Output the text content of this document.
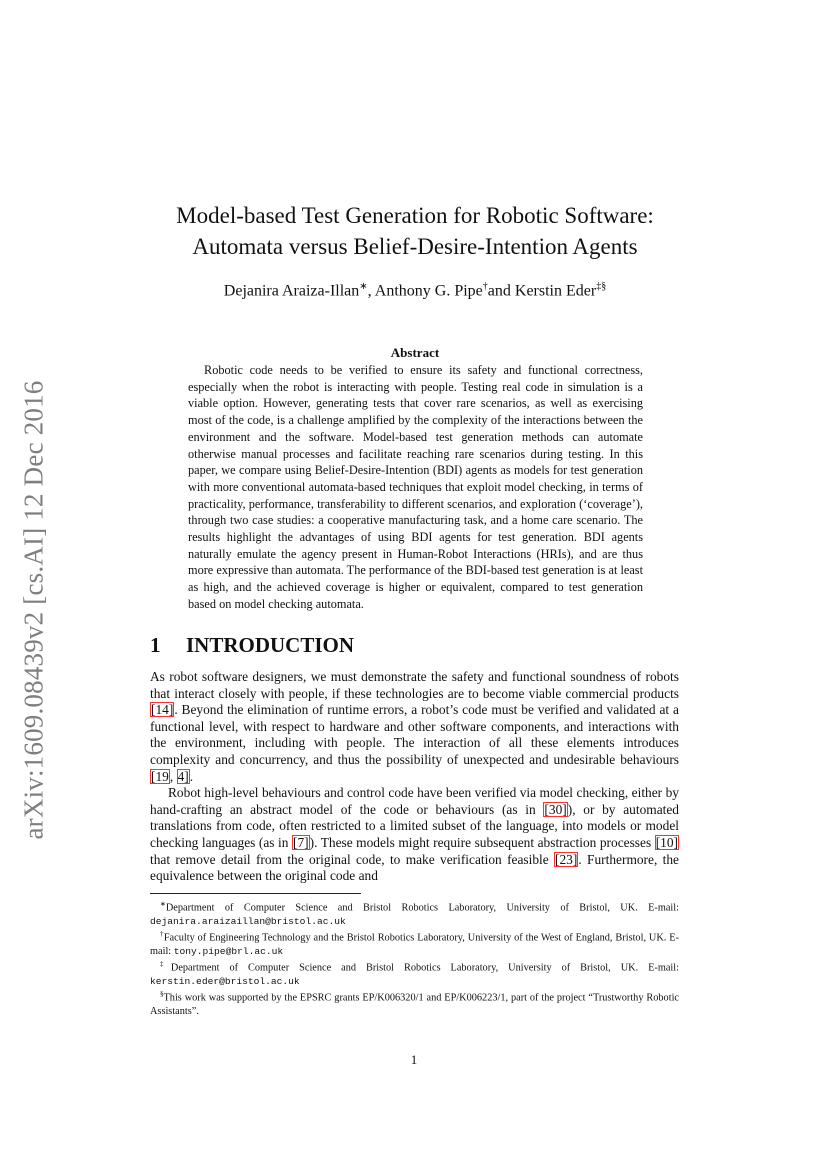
arXiv:1609.08439v2 [cs.AI] 12 Dec 2016
Model-based Test Generation for Robotic Software:
Automata versus Belief-Desire-Intention Agents
Dejanira Araiza-Illan∗, Anthony G. Pipe†and Kerstin Eder‡§
Abstract

Robotic code needs to be verified to ensure its safety and functional correctness, especially when the robot is interacting with people. Testing real code in simulation is a viable option. However, generating tests that cover rare scenarios, as well as exercising most of the code, is a challenge amplified by the complexity of the interactions between the environment and the software. Model-based test generation methods can automate otherwise manual processes and facilitate reaching rare scenarios during testing. In this paper, we compare using Belief-Desire-Intention (BDI) agents as models for test generation with more conventional automata-based techniques that exploit model checking, in terms of practicality, performance, transferability to different scenarios, and exploration (‘coverage’), through two case studies: a cooperative manufacturing task, and a home care scenario. The results highlight the advantages of using BDI agents for test generation. BDI agents naturally emulate the agency present in Human-Robot Interactions (HRIs), and are thus more expressive than automata. The performance of the BDI-based test generation is at least as high, and the achieved coverage is higher or equivalent, compared to test generation based on model checking automata.

1 INTRODUCTION

As robot software designers, we must demonstrate the safety and functional soundness of robots that interact closely with people, if these technologies are to become viable commercial products [14]. Beyond the elimination of runtime errors, a robot’s code must be verified and validated at a functional level, with respect to hardware and other software components, and interactions with the environment, including with people. The interaction of all these elements introduces complexity and concurrency, and thus the possibility of unexpected and undesirable behaviours [19, 4].

Robot high-level behaviours and control code have been verified via model checking, either by hand-crafting an abstract model of the code or behaviours (as in [30]), or by automated translations from code, often restricted to a limited subset of the language, into models or model checking languages (as in [7]). These models might require subsequent abstraction processes [10] that remove detail from the original code, to make verification feasible [23]. Furthermore, the equivalence between the original code and

∗Department of Computer Science and Bristol Robotics Laboratory, University of Bristol, UK. E-mail: dejanira.araizaillan@bristol.ac.uk

†Faculty of Engineering Technology and the Bristol Robotics Laboratory, University of the West of England, Bristol, UK. E-mail: tony.pipe@brl.ac.uk

‡Department of Computer Science and Bristol Robotics Laboratory, University of Bristol, UK. E-mail: kerstin.eder@bristol.ac.uk

§This work was supported by the EPSRC grants EP/K006320/1 and EP/K006223/1, part of the project “Trustworthy Robotic Assistants”.

1
